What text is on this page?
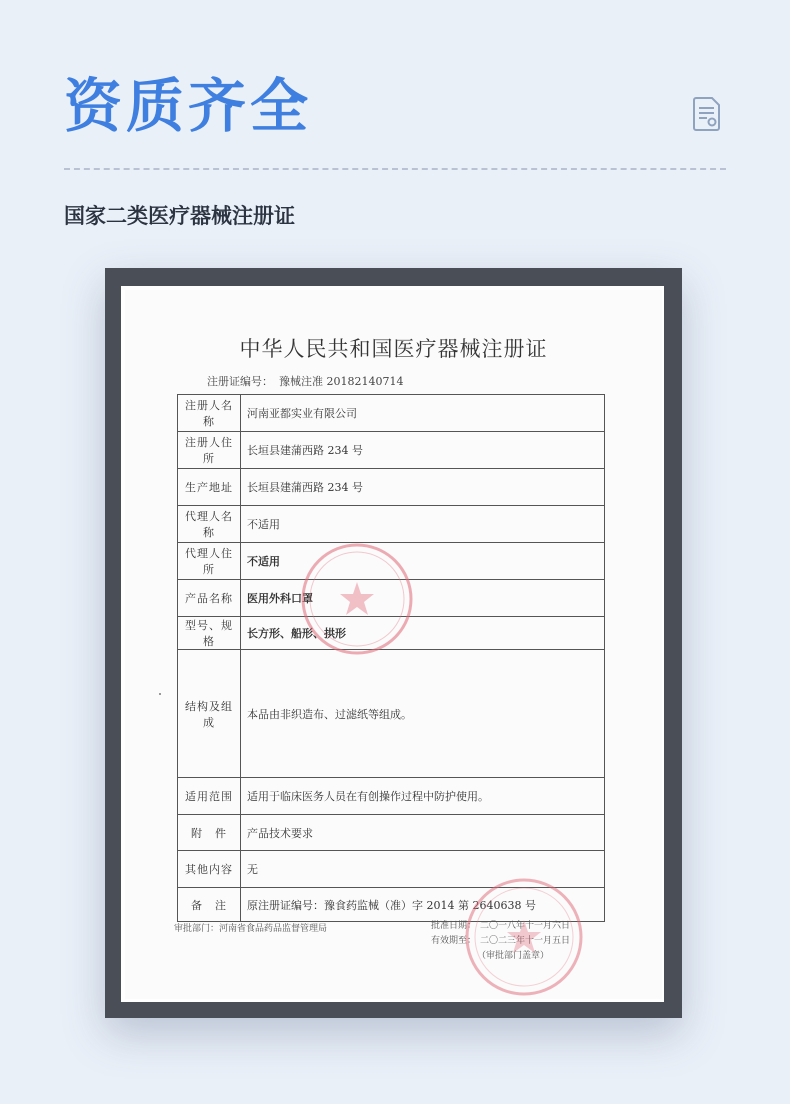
资质齐全
国家二类医疗器械注册证
中华人民共和国医疗器械注册证
注册证编号： 豫械注准 20182140714
注册人名称	河南亚都实业有限公司
注册人住所	长垣县建蒲西路 234 号
生产地址	长垣县建蒲西路 234 号
代理人名称	不适用
代理人住所	不适用
产品名称	医用外科口罩
型号、规格	长方形、船形、拱形
结构及组成	本品由非织造布、过滤纸等组成。
适用范围	适用于临床医务人员在有创操作过程中防护使用。
附　件	产品技术要求
其他内容	无
备　注	原注册证编号：豫食药监械（准）字 2014 第 2640638 号
审批部门：河南省食品药品监督管理局	批准日期： 二〇一八年十一月六日
有效期至： 二〇二三年十一月五日
（审批部门盖章）
